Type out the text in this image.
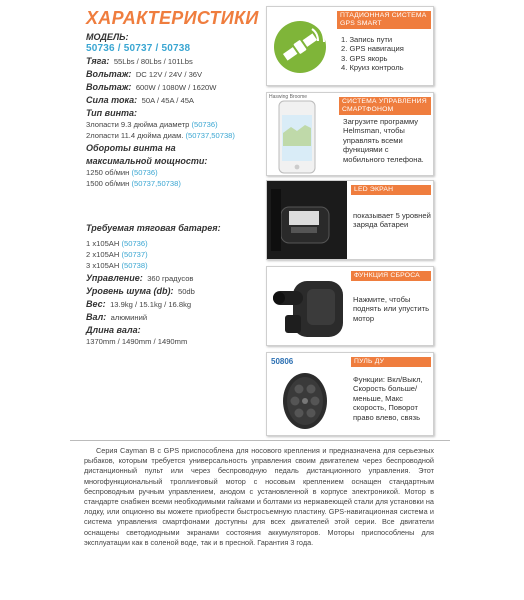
ХАРАКТЕРИСТИКИ
МОДЕЛЬ:
50736 / 50737 / 50738
Тяга: 55Lbs / 80Lbs / 101Lbs
Вольтаж: DC 12V / 24V / 36V
Вольтаж: 600W / 1080W / 1620W
Сила тока: 50A / 45A / 45A
Тип винта:
3лопасти 9.3 дюйма диаметр (50736)
2лопасти 11.4 дюйма диам. (50737,50738)
Обороты винта на
максимальной мощности:
1250 об/мин (50736)
1500 об/мин (50737,50738)
Требуемая тяговая батарея:
1 x105AH (50736)
2 x105AH (50737)
3 x105AH (50738)
Управление: 360 градусов
Уровень шума (db): 50db
Вес: 13.9kg / 15.1kg / 16.8kg
Вал: алюминий
Длина вала:
1370mm / 1490mm / 1490mm
ПТАДИОННАЯ СИСТЕМА GPS SMART
1. Запись пути
2. GPS навигация
3. GPS якорь
4. Круиз контроль
Haswing Broome
СИСТЕМА УПРАВЛЕНИЯ СМАРТФОНОМ
Загрузите программу Helmsman, чтобы управлять всеми функциями с мобильного телефона.
LED ЭКРАН
показывает 5 уровней заряда батареи
ФУНКЦИЯ СБРОСА
Нажмите, чтобы поднять или упустить мотор
50806	ПУЛЬ ДУ
Функции: Вкл/Выкл, Скорость больше/меньше, Макс скорость, Поворот право влево, связь
Серия Cayman B с GPS приспособлена для носового крепления и предназначена для серьезных рыбаков, которым требуется универсальность управления своим двигателем через беспроводной дистанционный пульт или через беспроводную педаль дистанционного управления. Этот многофункциональный троллинговый мотор с носовым креплением оснащен стандартным беспроводным ручным управлением, анодом с установленной в корпусе электроникой. Мотор в стандарте снабжен всеми необходимыми гайками и болтами из нержавеющей стали для установки на лодку, или опционно вы можете приобрести быстросъемную пластину. GPS-навигационная система и система управления смартфонами доступны для всех двигателей этой серии. Все двигатели оснащены светодиодными экранами состояния аккумуляторов. Моторы приспособлены для эксплуатации как в соленой воде, так и в пресной. Гарантия 3 года.
